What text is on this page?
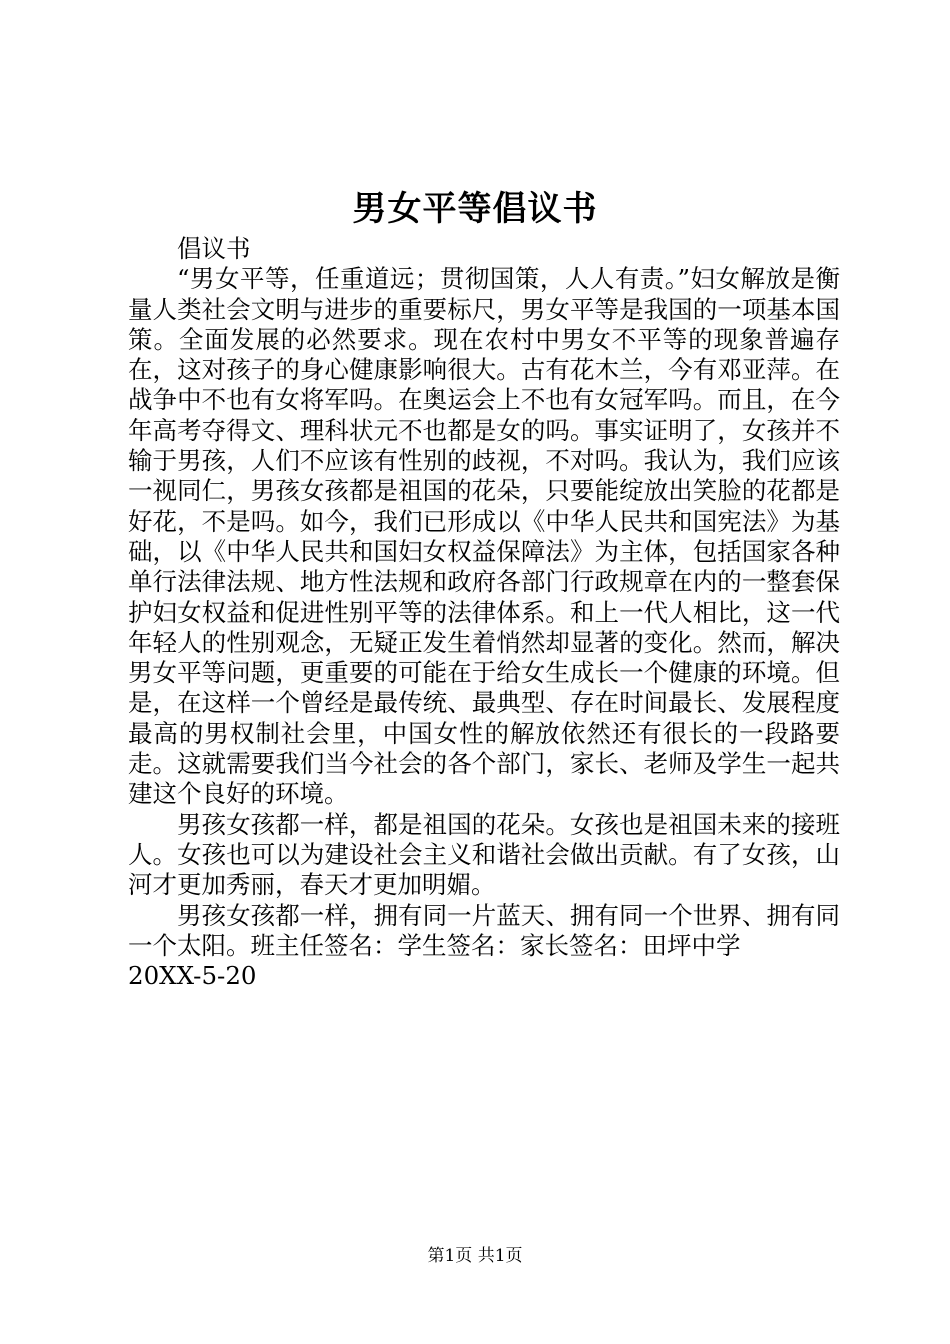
男女平等倡议书

倡议书

“男女平等，任重道远；贯彻国策，人人有责。”妇女解放是衡量人类社会文明与进步的重要标尺，男女平等是我国的一项基本国策。全面发展的必然要求。现在农村中男女不平等的现象普遍存在，这对孩子的身心健康影响很大。古有花木兰，今有邓亚萍。在战争中不也有女将军吗。在奥运会上不也有女冠军吗。而且，在今年高考夺得文、理科状元不也都是女的吗。事实证明了，女孩并不输于男孩，人们不应该有性别的歧视，不对吗。我认为，我们应该一视同仁，男孩女孩都是祖国的花朵，只要能绽放出笑脸的花都是好花，不是吗。如今，我们已形成以《中华人民共和国宪法》为基础，以《中华人民共和国妇女权益保障法》为主体，包括国家各种单行法律法规、地方性法规和政府各部门行政规章在内的一整套保护妇女权益和促进性别平等的法律体系。和上一代人相比，这一代年轻人的性别观念，无疑正发生着悄然却显著的变化。然而，解决男女平等问题，更重要的可能在于给女生成长一个健康的环境。但是，在这样一个曾经是最传统、最典型、存在时间最长、发展程度最高的男权制社会里，中国女性的解放依然还有很长的一段路要走。这就需要我们当今社会的各个部门，家长、老师及学生一起共建这个良好的环境。

男孩女孩都一样，都是祖国的花朵。女孩也是祖国未来的接班人。女孩也可以为建设社会主义和谐社会做出贡献。有了女孩，山河才更加秀丽，春天才更加明媚。

男孩女孩都一样，拥有同一片蓝天、拥有同一个世界、拥有同一个太阳。班主任签名：学生签名：家长签名：田坪中学

20XX-5-20

第1页 共1页
